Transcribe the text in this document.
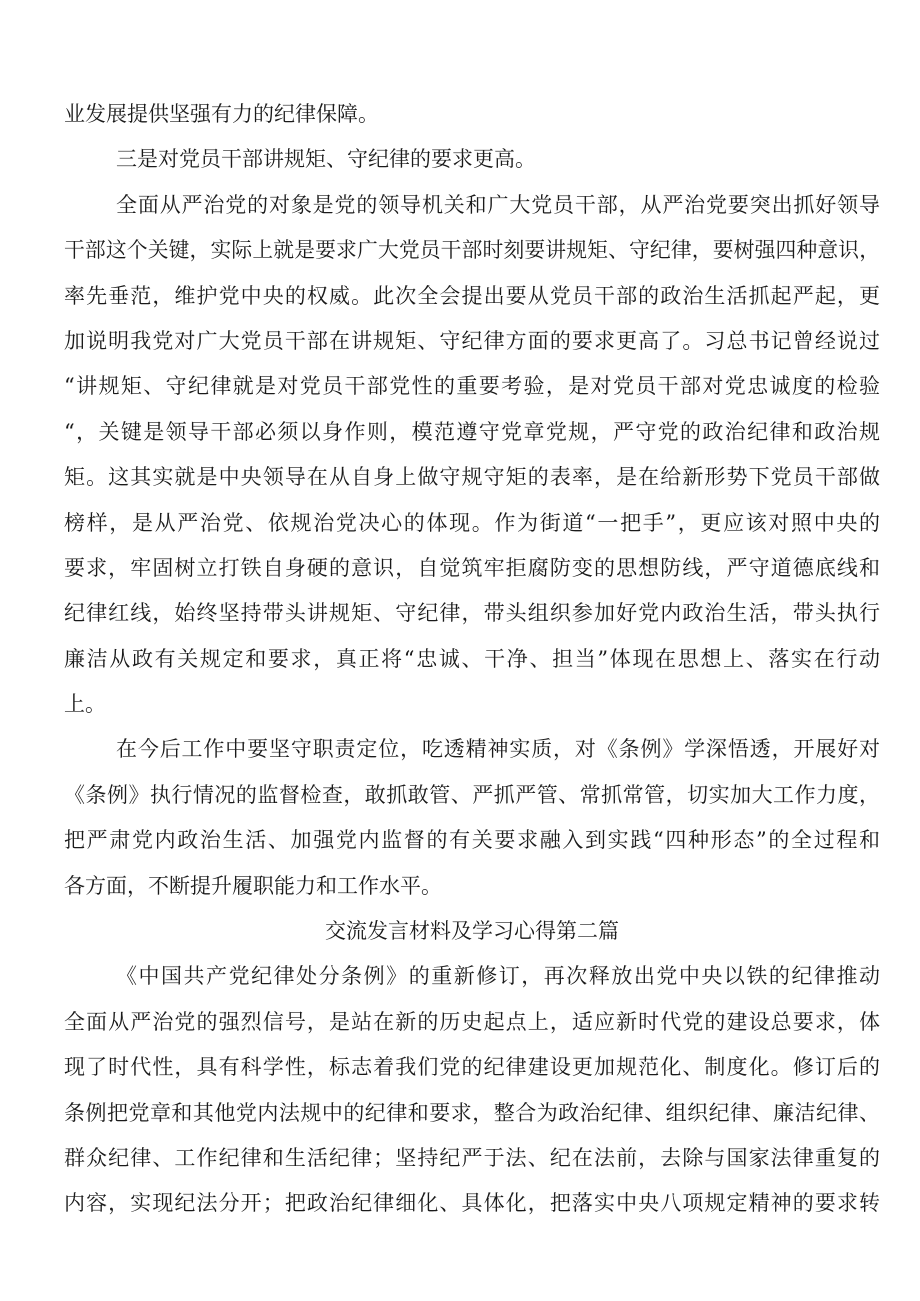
业发展提供坚强有力的纪律保障。
三是对党员干部讲规矩、守纪律的要求更高。
全面从严治党的对象是党的领导机关和广大党员干部，从严治党要突出抓好领导
干部这个关键，实际上就是要求广大党员干部时刻要讲规矩、守纪律，要树强四种意识，
率先垂范，维护党中央的权威。此次全会提出要从党员干部的政治生活抓起严起，更
加说明我党对广大党员干部在讲规矩、守纪律方面的要求更高了。习总书记曾经说过
“讲规矩、守纪律就是对党员干部党性的重要考验，是对党员干部对党忠诚度的检验
“，关键是领导干部必须以身作则，模范遵守党章党规，严守党的政治纪律和政治规
矩。这其实就是中央领导在从自身上做守规守矩的表率，是在给新形势下党员干部做
榜样，是从严治党、依规治党决心的体现。作为街道“一把手”，更应该对照中央的
要求，牢固树立打铁自身硬的意识，自觉筑牢拒腐防变的思想防线，严守道德底线和
纪律红线，始终坚持带头讲规矩、守纪律，带头组织参加好党内政治生活，带头执行
廉洁从政有关规定和要求，真正将“忠诚、干净、担当”体现在思想上、落实在行动
上。
在今后工作中要坚守职责定位，吃透精神实质，对《条例》学深悟透，开展好对
《条例》执行情况的监督检查，敢抓敢管、严抓严管、常抓常管，切实加大工作力度，
把严肃党内政治生活、加强党内监督的有关要求融入到实践“四种形态”的全过程和
各方面，不断提升履职能力和工作水平。
交流发言材料及学习心得第二篇
《中国共产党纪律处分条例》的重新修订，再次释放出党中央以铁的纪律推动
全面从严治党的强烈信号，是站在新的历史起点上，适应新时代党的建设总要求，体
现了时代性，具有科学性，标志着我们党的纪律建设更加规范化、制度化。修订后的
条例把党章和其他党内法规中的纪律和要求，整合为政治纪律、组织纪律、廉洁纪律、
群众纪律、工作纪律和生活纪律；坚持纪严于法、纪在法前，去除与国家法律重复的
内容，实现纪法分开；把政治纪律细化、具体化，把落实中央八项规定精神的要求转
